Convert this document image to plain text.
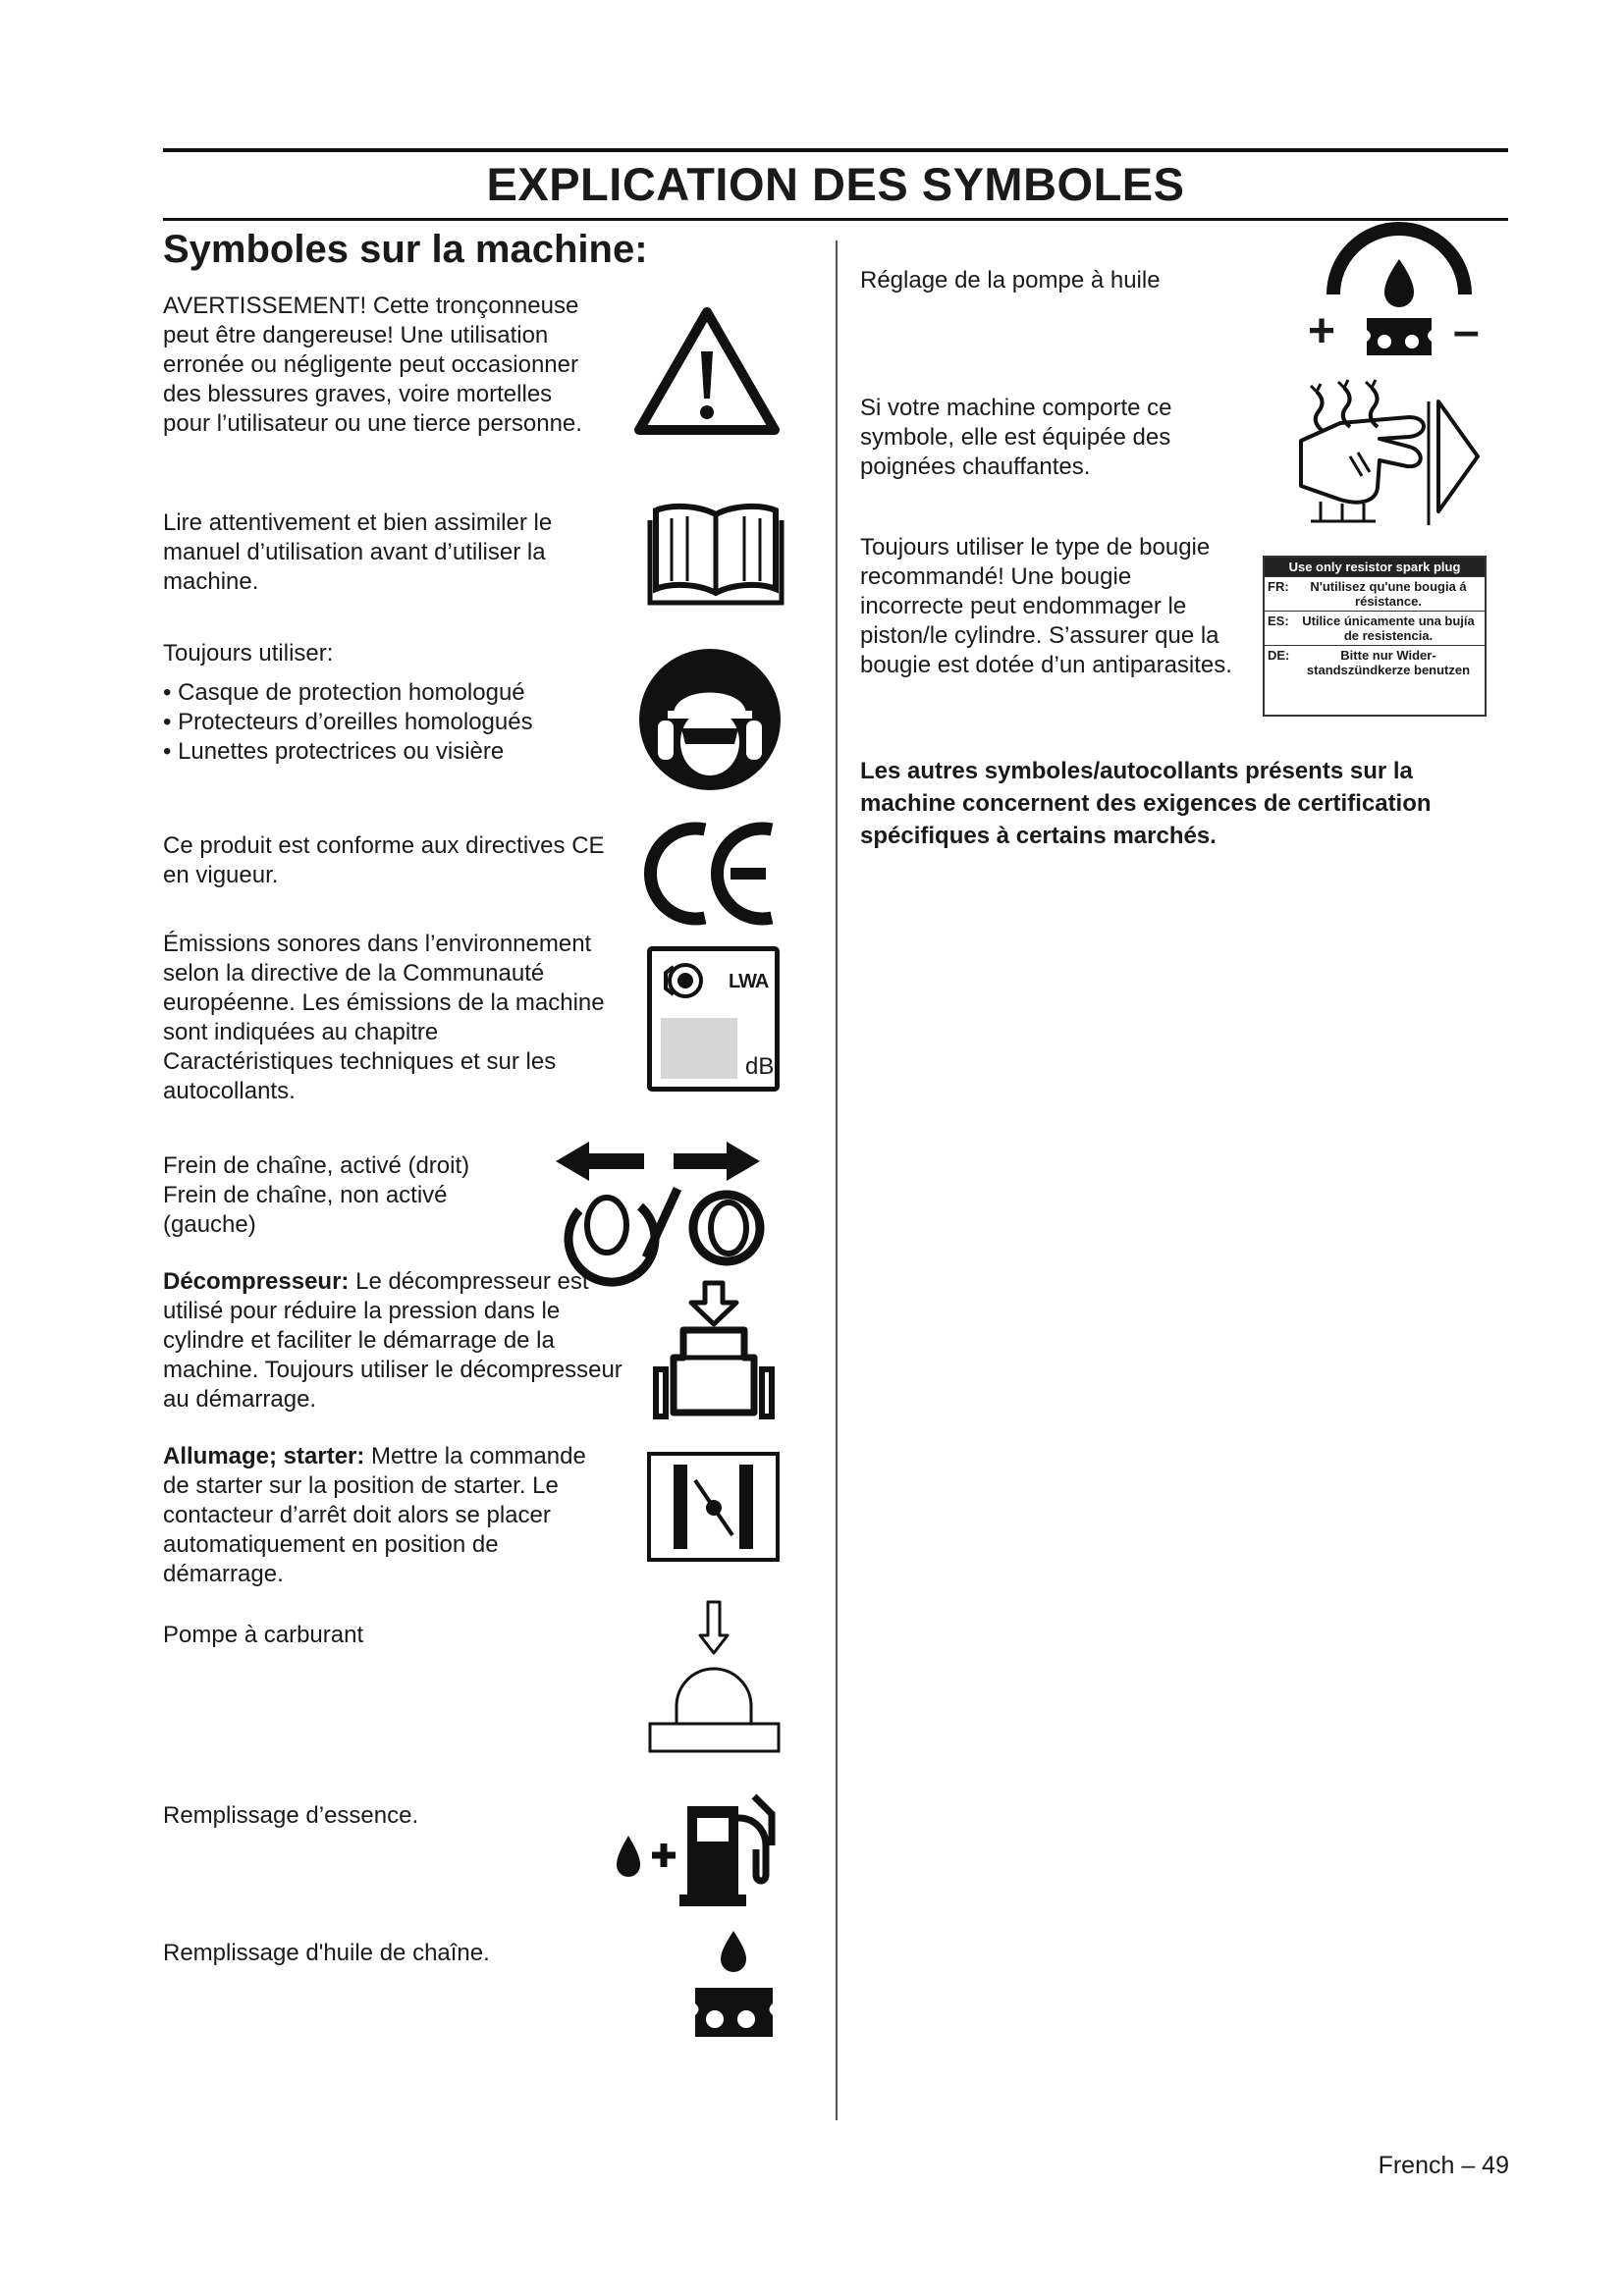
EXPLICATION DES SYMBOLES
Symboles sur la machine:

AVERTISSEMENT! Cette tronçonneuse peut être dangereuse! Une utilisation erronée ou négligente peut occasionner des blessures graves, voire mortelles pour l’utilisateur ou une tierce personne.

Lire attentivement et bien assimiler le manuel d’utilisation avant d’utiliser la machine.

Toujours utiliser:

• Casque de protection homologué

• Protecteurs d’oreilles homologués

• Lunettes protectrices ou visière

Ce produit est conforme aux directives CE en vigueur.

Émissions sonores dans l’environnement selon la directive de la Communauté européenne. Les émissions de la machine sont indiquées au chapitre Caractéristiques techniques et sur les autocollants.

Frein de chaîne, activé (droit)

Frein de chaîne, non activé (gauche)

Décompresseur: Le décompresseur est utilisé pour réduire la pression dans le cylindre et faciliter le démarrage de la machine. Toujours utiliser le décompresseur au démarrage.

Allumage; starter: Mettre la commande de starter sur la position de starter. Le contacteur d’arrêt doit alors se placer automatiquement en position de démarrage.

Pompe à carburant

Remplissage d’essence.

Remplissage d'huile de chaîne.

Réglage de la pompe à huile

Si votre machine comporte ce symbole, elle est équipée des poignées chauffantes.

Toujours utiliser le type de bougie recommandé! Une bougie incorrecte peut endommager le piston/le cylindre. S’assurer que la bougie est dotée d’un antiparasites.

Les autres symboles/autocollants présents sur la machine concernent des exigences de certification spécifiques à certains marchés.

LWA
dB
+ –
Use only resistor spark plug
FR:	N'utilisez qu'une bougia á résistance.
ES:	Utilice únicamente una bujía de resistencia.
DE:	Bitte nur Wider- standszündkerze benutzen
French – 49
